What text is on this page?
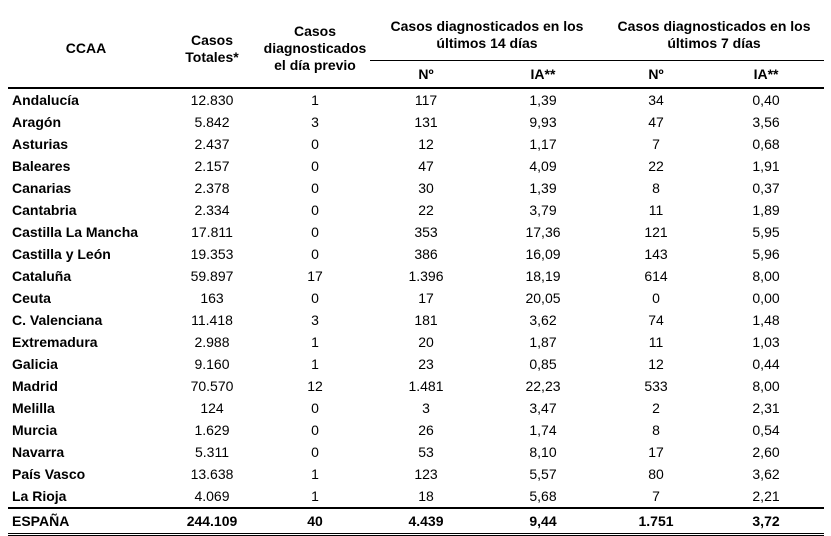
CCAA	Casos Totales*	Casos diagnosticados el día previo	Casos diagnosticados en los últimos 14 días		Casos diagnosticados en los últimos 7 días	
			Nº	IA**	Nº	IA**
Andalucía	12.830	1	117	1,39	34	0,40
Aragón	5.842	3	131	9,93	47	3,56
Asturias	2.437	0	12	1,17	7	0,68
Baleares	2.157	0	47	4,09	22	1,91
Canarias	2.378	0	30	1,39	8	0,37
Cantabria	2.334	0	22	3,79	11	1,89
Castilla La Mancha	17.811	0	353	17,36	121	5,95
Castilla y León	19.353	0	386	16,09	143	5,96
Cataluña	59.897	17	1.396	18,19	614	8,00
Ceuta	163	0	17	20,05	0	0,00
C. Valenciana	11.418	3	181	3,62	74	1,48
Extremadura	2.988	1	20	1,87	11	1,03
Galicia	9.160	1	23	0,85	12	0,44
Madrid	70.570	12	1.481	22,23	533	8,00
Melilla	124	0	3	3,47	2	2,31
Murcia	1.629	0	26	1,74	8	0,54
Navarra	5.311	0	53	8,10	17	2,60
País Vasco	13.638	1	123	5,57	80	3,62
La Rioja	4.069	1	18	5,68	7	2,21
ESPAÑA	244.109	40	4.439	9,44	1.751	3,72
